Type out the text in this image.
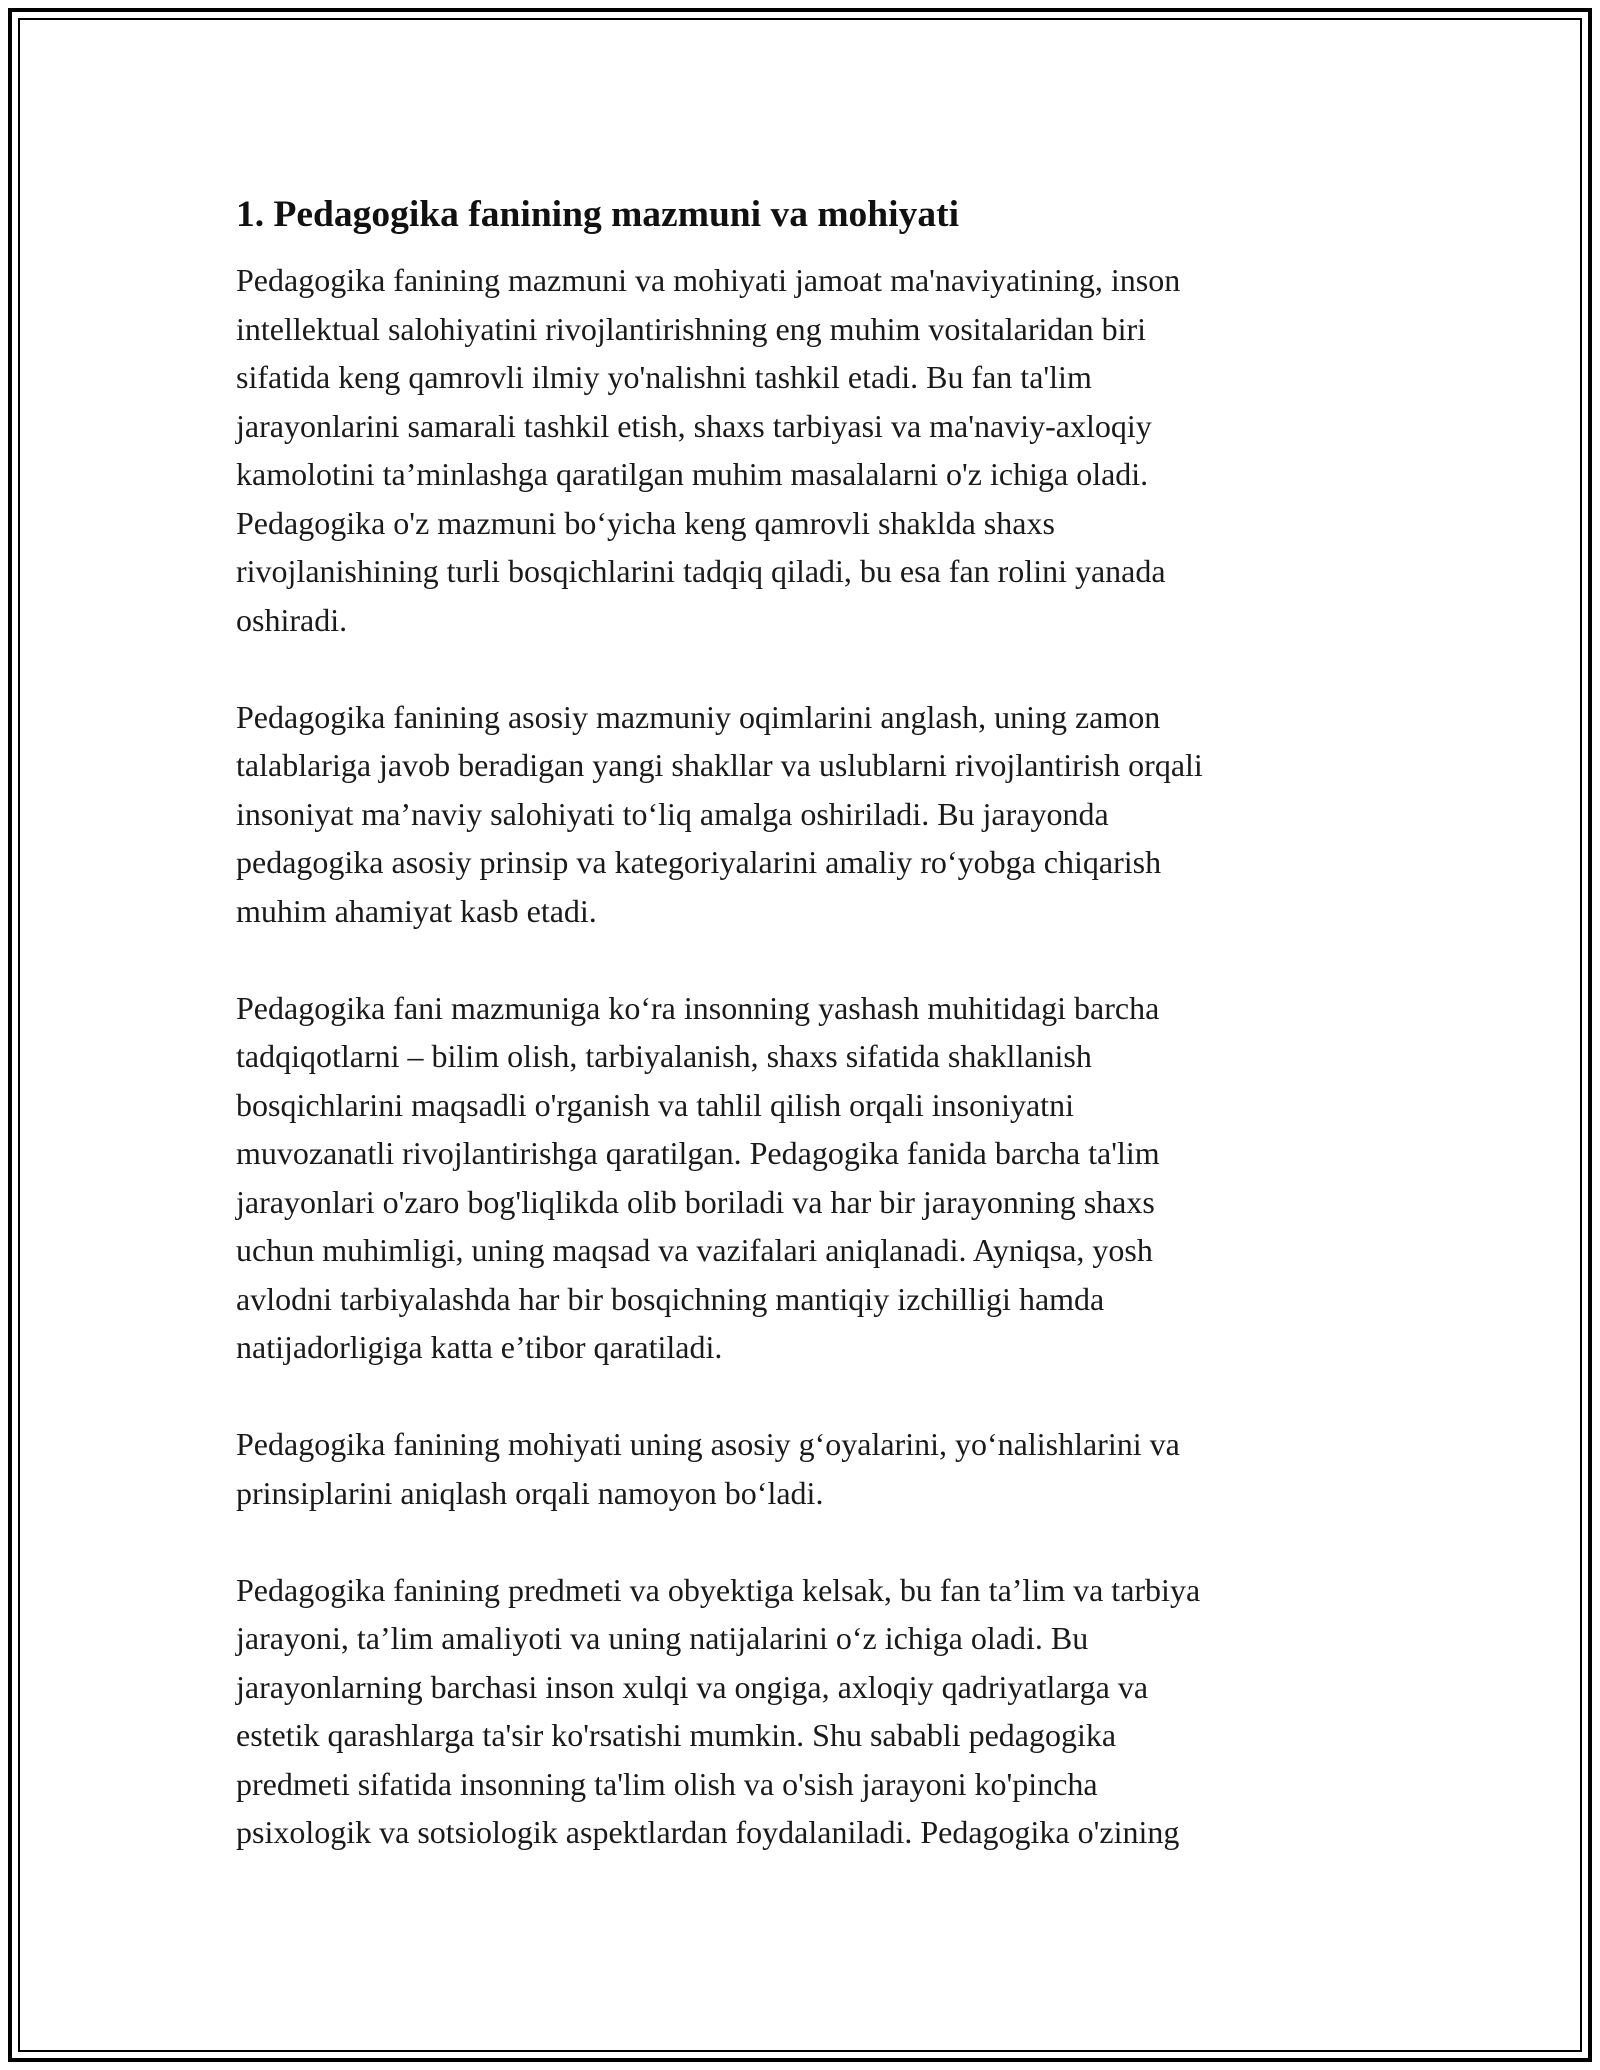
1. Pedagogika fanining mazmuni va mohiyati

Pedagogika fanining mazmuni va mohiyati jamoat ma'naviyatining, inson
intellektual salohiyatini rivojlantirishning eng muhim vositalaridan biri
sifatida keng qamrovli ilmiy yo'nalishni tashkil etadi. Bu fan ta'lim
jarayonlarini samarali tashkil etish, shaxs tarbiyasi va ma'naviy-axloqiy
kamolotini ta’minlashga qaratilgan muhim masalalarni o'z ichiga oladi.
Pedagogika o'z mazmuni bo‘yicha keng qamrovli shaklda shaxs
rivojlanishining turli bosqichlarini tadqiq qiladi, bu esa fan rolini yanada
oshiradi.

Pedagogika fanining asosiy mazmuniy oqimlarini anglash, uning zamon
talablariga javob beradigan yangi shakllar va uslublarni rivojlantirish orqali
insoniyat ma’naviy salohiyati to‘liq amalga oshiriladi. Bu jarayonda
pedagogika asosiy prinsip va kategoriyalarini amaliy ro‘yobga chiqarish
muhim ahamiyat kasb etadi.

Pedagogika fani mazmuniga ko‘ra insonning yashash muhitidagi barcha
tadqiqotlarni – bilim olish, tarbiyalanish, shaxs sifatida shakllanish
bosqichlarini maqsadli o'rganish va tahlil qilish orqali insoniyatni
muvozanatli rivojlantirishga qaratilgan. Pedagogika fanida barcha ta'lim
jarayonlari o'zaro bog'liqlikda olib boriladi va har bir jarayonning shaxs
uchun muhimligi, uning maqsad va vazifalari aniqlanadi. Ayniqsa, yosh
avlodni tarbiyalashda har bir bosqichning mantiqiy izchilligi hamda
natijadorligiga katta e’tibor qaratiladi.

Pedagogika fanining mohiyati uning asosiy g‘oyalarini, yo‘nalishlarini va
prinsiplarini aniqlash orqali namoyon bo‘ladi.

Pedagogika fanining predmeti va obyektiga kelsak, bu fan ta’lim va tarbiya
jarayoni, ta’lim amaliyoti va uning natijalarini o‘z ichiga oladi. Bu
jarayonlarning barchasi inson xulqi va ongiga, axloqiy qadriyatlarga va
estetik qarashlarga ta'sir ko'rsatishi mumkin. Shu sababli pedagogika
predmeti sifatida insonning ta'lim olish va o'sish jarayoni ko'pincha
psixologik va sotsiologik aspektlardan foydalaniladi. Pedagogika o'zining
